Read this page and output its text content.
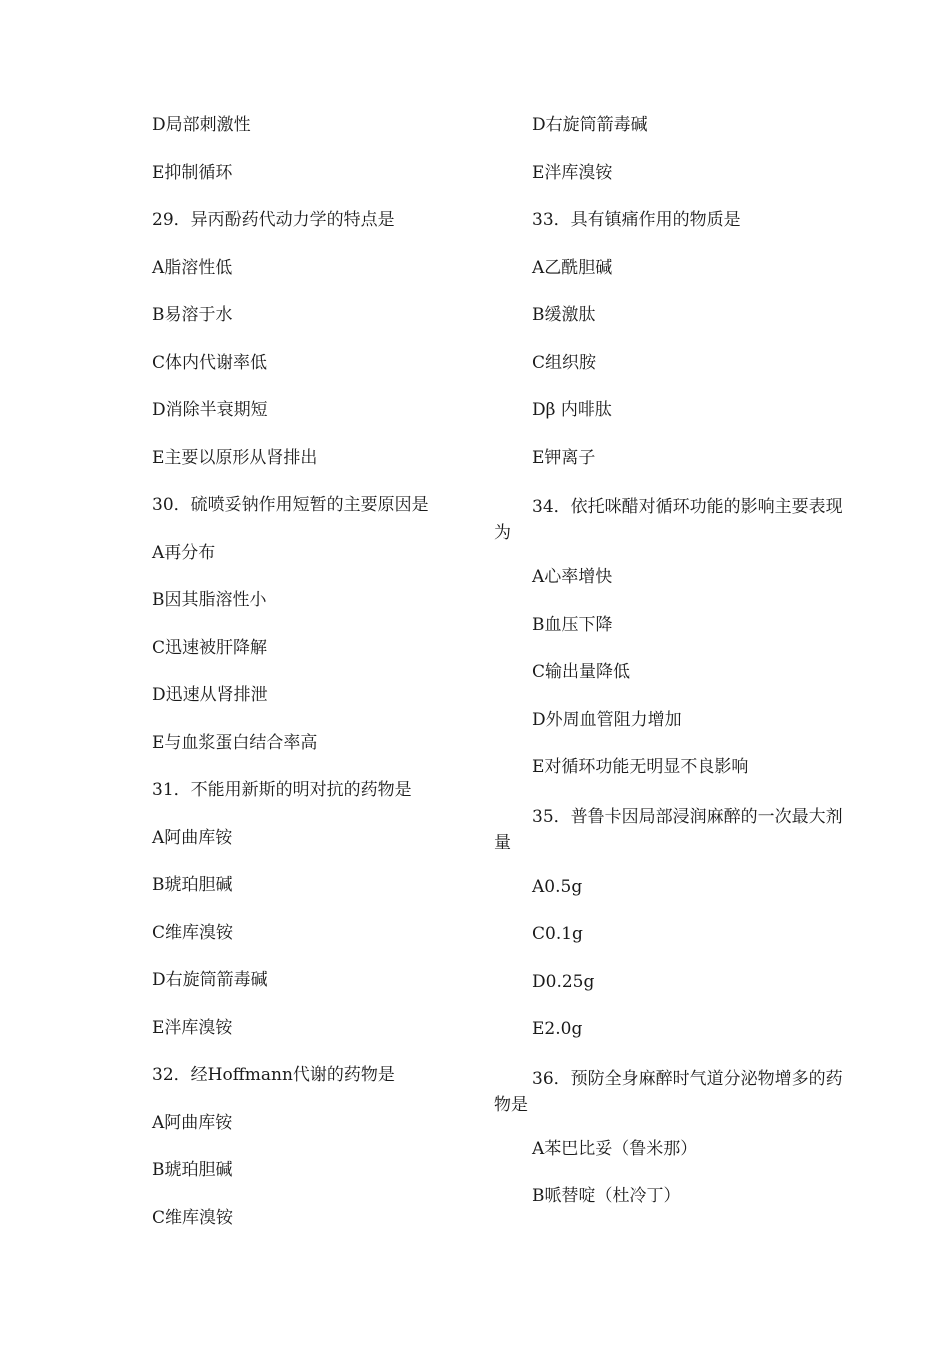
D局部刺激性
E抑制循环
29．异丙酚药代动力学的特点是
A脂溶性低
B易溶于水
C体内代谢率低
D消除半衰期短
E主要以原形从肾排出
30．硫喷妥钠作用短暂的主要原因是
A再分布
B因其脂溶性小
C迅速被肝降解
D迅速从肾排泄
E与血浆蛋白结合率高
31．不能用新斯的明对抗的药物是
A阿曲库铵
B琥珀胆碱
C维库溴铵
D右旋筒箭毒碱
E泮库溴铵
32．经Hoffmann代谢的药物是
A阿曲库铵
B琥珀胆碱
C维库溴铵
D右旋筒箭毒碱
E泮库溴铵
33．具有镇痛作用的物质是
A乙酰胆碱
B缓激肽
C组织胺
Dβ 内啡肽
E钾离子
34．依托咪醋对循环功能的影响主要表现为
A心率增快
B血压下降
C输出量降低
D外周血管阻力增加
E对循环功能无明显不良影响
35．普鲁卡因局部浸润麻醉的一次最大剂量
A0.5g
C0.1g
D0.25g
E2.0g
36．预防全身麻醉时气道分泌物增多的药物是
A苯巴比妥（鲁米那）
B哌替啶（杜冷丁）
